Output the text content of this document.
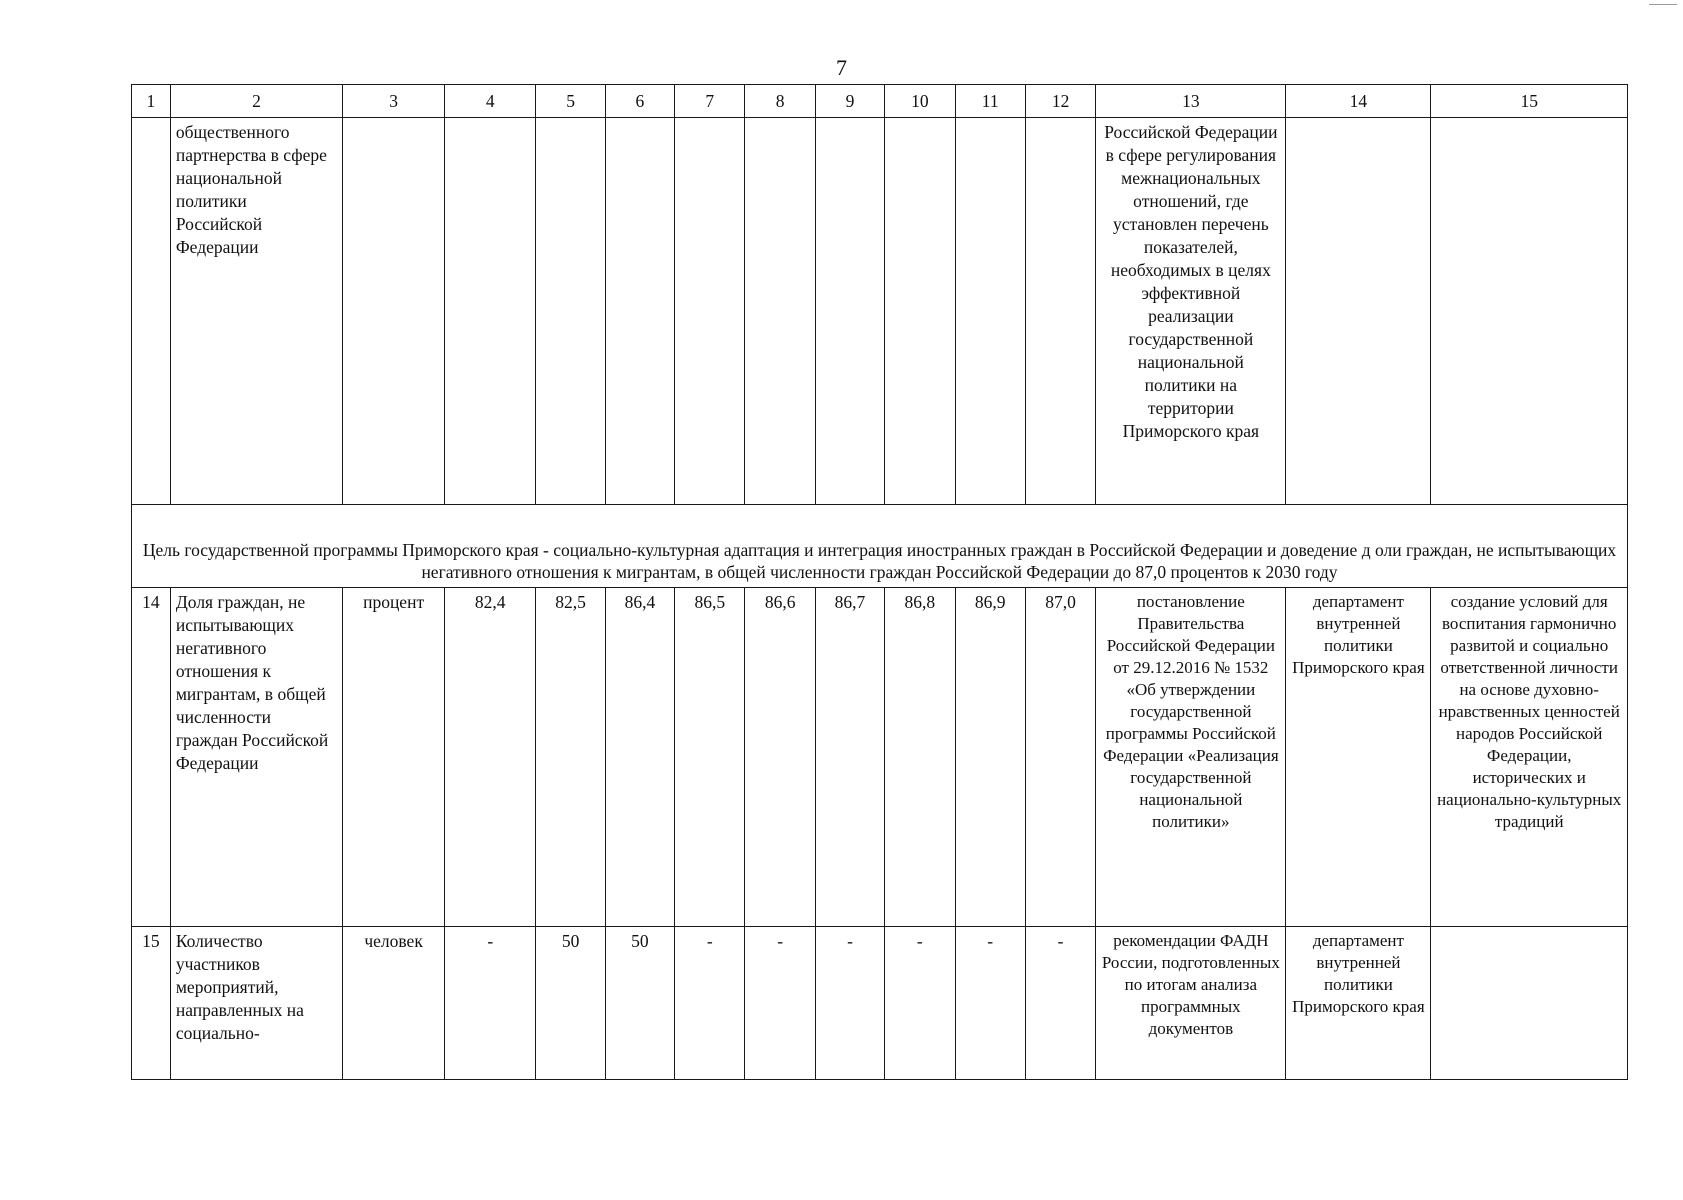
7
1	2	3	4	5	6	7	8	9	10	11	12	13	14	15
	общественного партнерства в сфере национальной политики Российской Федерации											Российской Федерации в сфере регулирования межнациональных отношений, где установлен перечень показателей, необходимых в целях эффективной реализации государственной национальной политики на территории Приморского края		
Цель государственной программы Приморского края - социально-культурная адаптация и интеграция иностранных граждан в Российской Федерации и доведение д оли граждан, не испытывающих негативного отношения к мигрантам, в общей численности граждан Российской Федерации до 87,0 процентов к 2030 году														
14	Доля граждан, не испытывающих негативного отношения к мигрантам, в общей численности граждан Российской Федерации	процент	82,4	82,5	86,4	86,5	86,6	86,7	86,8	86,9	87,0	постановление Правительства Российской Федерации от 29.12.2016 № 1532 «Об утверждении государственной программы Российской Федерации «Реализация государственной национальной политики»	департамент внутренней политики Приморского края	создание условий для воспитания гармонично развитой и социально ответственной личности на основе духовно-нравственных ценностей народов Российской Федерации, исторических и национально-культурных традиций
15	Количество участников мероприятий, направленных на социально-	человек	-	50	50	-	-	-	-	-	-	рекомендации ФАДН России, подготовленных по итогам анализа программных документов	департамент внутренней политики Приморского края	
